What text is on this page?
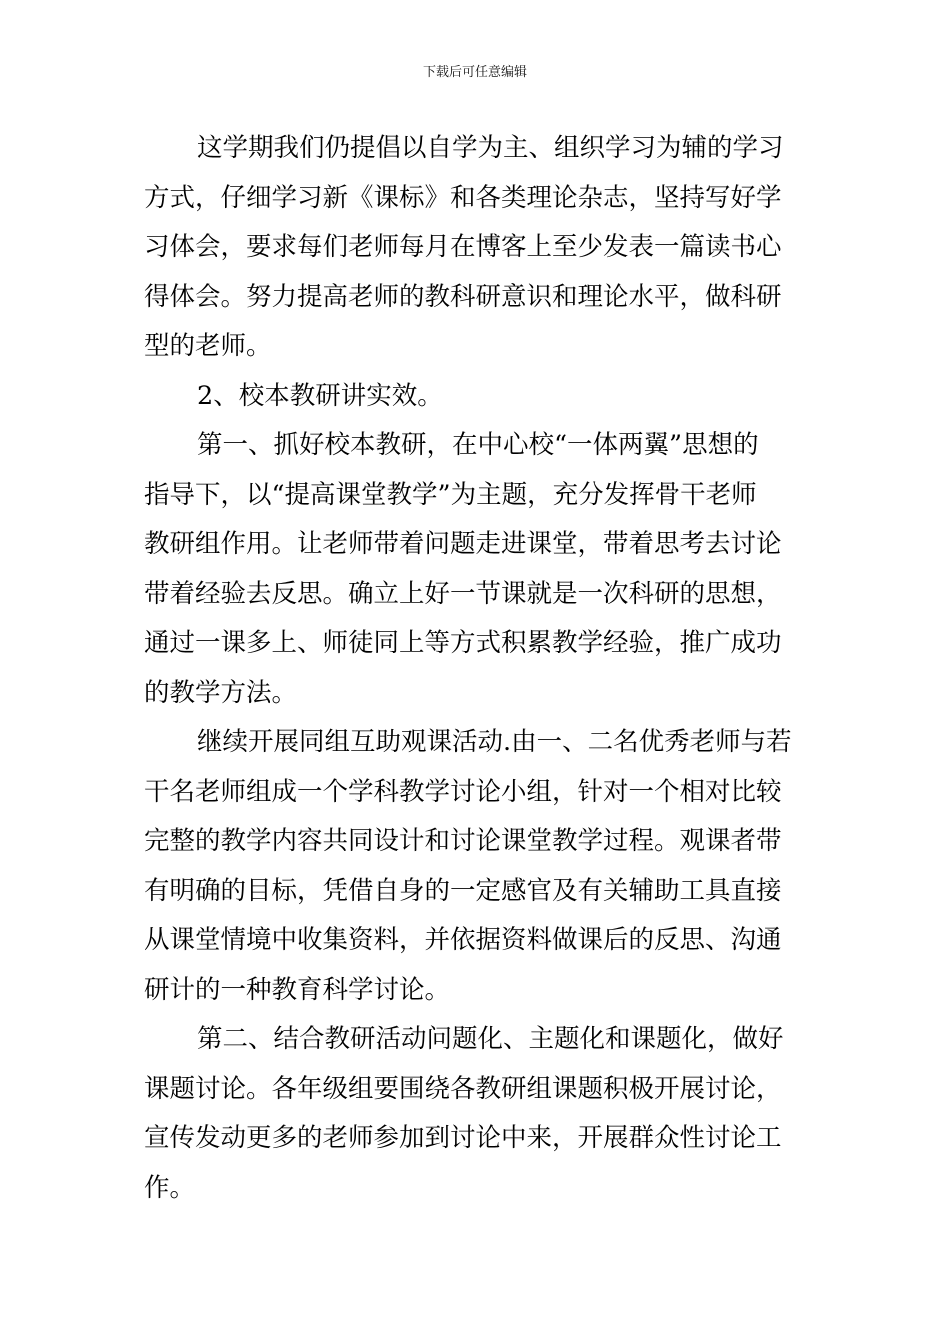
下载后可任意编辑
这学期我们仍提倡以自学为主、组织学习为辅的学习
方式，仔细学习新《课标》和各类理论杂志，坚持写好学
习体会，要求每们老师每月在博客上至少发表一篇读书心
得体会。努力提高老师的教科研意识和理论水平，做科研
型的老师。
2、校本教研讲实效。
第一、抓好校本教研，在中心校“一体两翼”思想的
指导下，以“提高课堂教学”为主题，充分发挥骨干老师
教研组作用。让老师带着问题走进课堂，带着思考去讨论
带着经验去反思。确立上好一节课就是一次科研的思想，
通过一课多上、师徒同上等方式积累教学经验，推广成功
的教学方法。
继续开展同组互助观课活动.由一、二名优秀老师与若
干名老师组成一个学科教学讨论小组，针对一个相对比较
完整的教学内容共同设计和讨论课堂教学过程。观课者带
有明确的目标，凭借自身的一定感官及有关辅助工具直接
从课堂情境中收集资料，并依据资料做课后的反思、沟通
研计的一种教育科学讨论。
第二、结合教研活动问题化、主题化和课题化，做好
课题讨论。各年级组要围绕各教研组课题积极开展讨论，
宣传发动更多的老师参加到讨论中来，开展群众性讨论工
作。
